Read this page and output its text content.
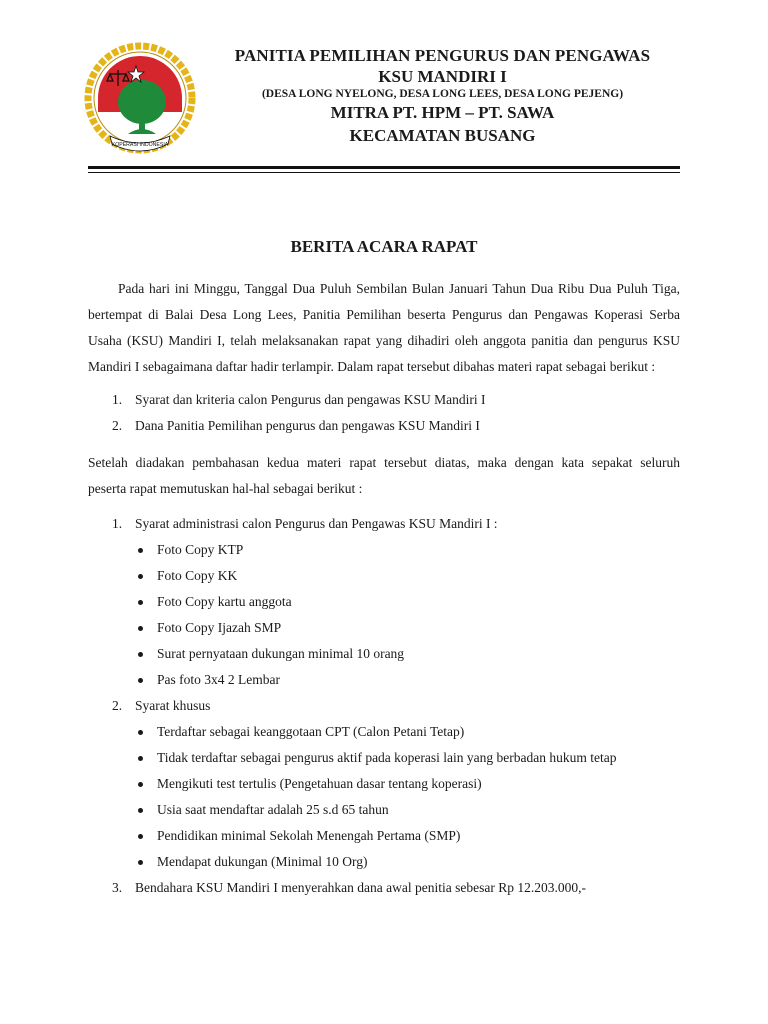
KOPERASI INDONESIA
PANITIA PEMILIHAN PENGURUS DAN PENGAWAS
KSU MANDIRI I
(DESA LONG NYELONG, DESA LONG LEES, DESA LONG PEJENG)
MITRA PT. HPM – PT. SAWA
KECAMATAN BUSANG
BERITA ACARA RAPAT
Pada hari ini Minggu, Tanggal Dua Puluh Sembilan Bulan Januari Tahun Dua Ribu Dua Puluh Tiga,
bertempat di Balai Desa Long Lees, Panitia Pemilihan beserta Pengurus dan Pengawas Koperasi Serba
Usaha (KSU) Mandiri I, telah melaksanakan rapat yang dihadiri oleh anggota panitia dan pengurus KSU
Mandiri I sebagaimana daftar hadir terlampir. Dalam rapat tersebut dibahas materi rapat sebagai berikut :
1. Syarat dan kriteria calon Pengurus dan pengawas KSU Mandiri I
2. Dana Panitia Pemilihan pengurus dan pengawas KSU Mandiri I
Setelah diadakan pembahasan kedua materi rapat tersebut diatas, maka dengan kata sepakat seluruh
peserta rapat memutuskan hal-hal sebagai berikut :
1. Syarat administrasi calon Pengurus dan Pengawas KSU Mandiri I :
Foto Copy KTP
Foto Copy KK
Foto Copy kartu anggota
Foto Copy Ijazah SMP
Surat pernyataan dukungan minimal 10 orang
Pas foto 3x4 2 Lembar
2. Syarat khusus
Terdaftar sebagai keanggotaan CPT (Calon Petani Tetap)
Tidak terdaftar sebagai pengurus aktif pada koperasi lain yang berbadan hukum tetap
Mengikuti test tertulis (Pengetahuan dasar tentang koperasi)
Usia saat mendaftar adalah 25 s.d 65 tahun
Pendidikan minimal Sekolah Menengah Pertama (SMP)
Mendapat dukungan (Minimal 10 Org)
3. Bendahara KSU Mandiri I menyerahkan dana awal penitia sebesar Rp 12.203.000,-
